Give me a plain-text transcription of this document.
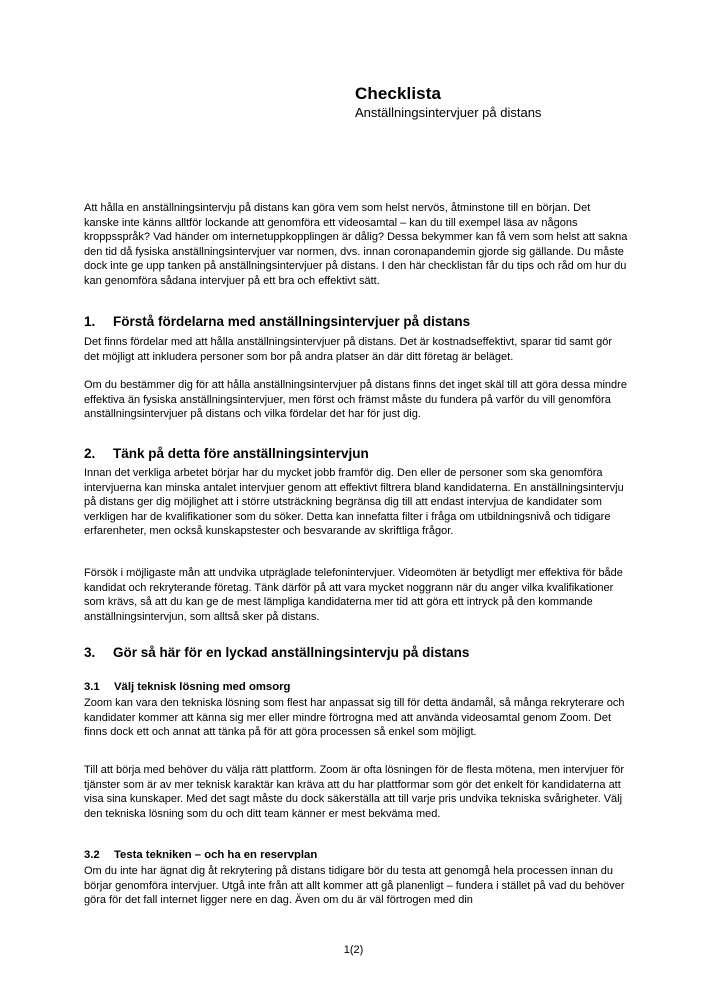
Checklista
Anställningsintervjuer på distans
Att hålla en anställningsintervju på distans kan göra vem som helst nervös, åtminstone till en början. Det kanske inte känns alltför lockande att genomföra ett videosamtal – kan du till exempel läsa av någons kroppsspråk? Vad händer om internetuppkopplingen är dålig? Dessa bekymmer kan få vem som helst att sakna den tid då fysiska anställningsintervjuer var normen, dvs. innan coronapandemin gjorde sig gällande. Du måste dock inte ge upp tanken på anställningsintervjuer på distans. I den här checklistan får du tips och råd om hur du kan genomföra sådana intervjuer på ett bra och effektivt sätt.
1.	Förstå fördelarna med anställningsintervjuer på distans
Det finns fördelar med att hålla anställningsintervjuer på distans. Det är kostnadseffektivt, sparar tid samt gör det möjligt att inkludera personer som bor på andra platser än där ditt företag är beläget.
Om du bestämmer dig för att hålla anställningsintervjuer på distans finns det inget skäl till att göra dessa mindre effektiva än fysiska anställningsintervjuer, men först och främst måste du fundera på varför du vill genomföra anställningsintervjuer på distans och vilka fördelar det har för just dig.
2.	Tänk på detta före anställningsintervjun
Innan det verkliga arbetet börjar har du mycket jobb framför dig. Den eller de personer som ska genomföra intervjuerna kan minska antalet intervjuer genom att effektivt filtrera bland kandidaterna. En anställningsintervju på distans ger dig möjlighet att i större utsträckning begränsa dig till att endast intervjua de kandidater som verkligen har de kvalifikationer som du söker. Detta kan innefatta filter i fråga om utbildningsnivå och tidigare erfarenheter, men också kunskapstester och besvarande av skriftliga frågor.
Försök i möjligaste mån att undvika utpräglade telefonintervjuer. Videomöten är betydligt mer effektiva för både kandidat och rekryterande företag. Tänk därför på att vara mycket noggrann när du anger vilka kvalifikationer som krävs, så att du kan ge de mest lämpliga kandidaterna mer tid att göra ett intryck på den kommande anställningsintervjun, som alltså sker på distans.
3.	Gör så här för en lyckad anställningsintervju på distans
3.1	Välj teknisk lösning med omsorg
Zoom kan vara den tekniska lösning som flest har anpassat sig till för detta ändamål, så många rekryterare och kandidater kommer att känna sig mer eller mindre förtrogna med att använda videosamtal genom Zoom. Det finns dock ett och annat att tänka på för att göra processen så enkel som möjligt.
Till att börja med behöver du välja rätt plattform. Zoom är ofta lösningen för de flesta mötena, men intervjuer för tjänster som är av mer teknisk karaktär kan kräva att du har plattformar som gör det enkelt för kandidaterna att visa sina kunskaper. Med det sagt måste du dock säkerställa att till varje pris undvika tekniska svårigheter. Välj den tekniska lösning som du och ditt team känner er mest bekväma med.
3.2	Testa tekniken – och ha en reservplan
Om du inte har ägnat dig åt rekrytering på distans tidigare bör du testa att genomgå hela processen innan du börjar genomföra intervjuer. Utgå inte från att allt kommer att gå planenligt – fundera i stället på vad du behöver göra för det fall internet ligger nere en dag. Även om du är väl förtrogen med din
1(2)
